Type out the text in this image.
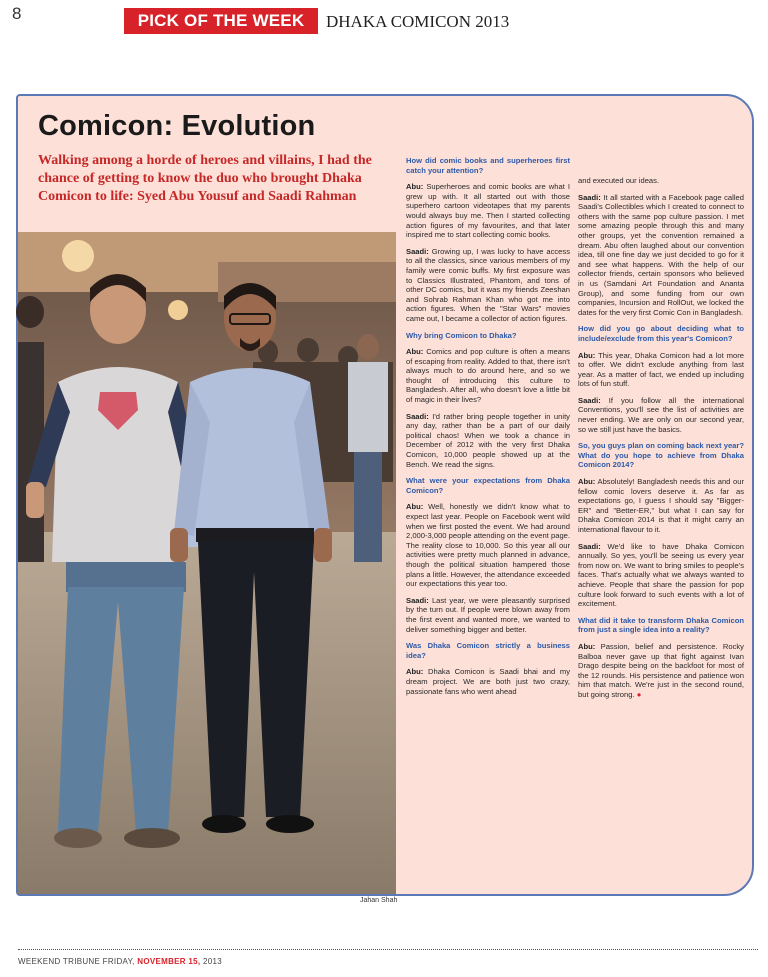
8	PICK OF THE WEEK	DHAKA COMICON 2013
Comicon: Evolution
Walking among a horde of heroes and villains, I had the chance of getting to know the duo who brought Dhaka Comicon to life: Syed Abu Yousuf and Saadi Rahman
Jahan Shah

How did comic books and superheroes first catch your attention?

Abu: Superheroes and comic books are what I grew up with. It all started out with those superhero cartoon videotapes that my parents would always buy me. Then I started collecting action figures of my favourites, and that later inspired me to start collecting comic books.

Saadi: Growing up, I was lucky to have access to all the classics, since various members of my family were comic buffs. My first exposure was to Classics Illustrated, Phantom, and tons of other DC comics, but it was my friends Zeeshan and Sohrab Rahman Khan who got me into action figures. When the "Star Wars" movies came out, I became a collector of action figures.

Why bring Comicon to Dhaka?

Abu: Comics and pop culture is often a means of escaping from reality. Added to that, there isn't always much to do around here, and so we thought of introducing this culture to Bangladesh. After all, who doesn't love a little bit of magic in their lives?

Saadi: I'd rather bring people together in unity any day, rather than be a part of our daily political chaos! When we took a chance in December of 2012 with the very first Dhaka Comicon, 10,000 people showed up at the Bench. We read the signs.

What were your expectations from Dhaka Comicon?

Abu: Well, honestly we didn't know what to expect last year. People on Facebook went wild when we first posted the event. We had around 2,000-3,000 people attending on the event page. The reality close to 10,000. So this year all our activities were pretty much planned in advance, though the political situation hampered those plans a little. However, the attendance exceeded our expectations this year too.

Saadi: Last year, we were pleasantly surprised by the turn out. If people were blown away from the first event and wanted more, we wanted to deliver something bigger and better.

Was Dhaka Comicon strictly a business idea?

Abu: Dhaka Comicon is Saadi bhai and my dream project. We are both just two crazy, passionate fans who went ahead

and executed our ideas.

Saadi: It all started with a Facebook page called Saadi's Collectibles which I created to connect to others with the same pop culture passion. I met some amazing people through this and many other groups, yet the convention remained a dream. Abu often laughed about our convention idea, till one fine day we just decided to go for it and see what happens. With the help of our collector friends, certain sponsors who believed in us (Samdani Art Foundation and Ananta Group), and some funding from our own companies, Incursion and RollOut, we locked the dates for the very first Comic Con in Bangladesh.

How did you go about deciding what to include/exclude from this year's Comicon?

Abu: This year, Dhaka Comicon had a lot more to offer. We didn't exclude anything from last year. As a matter of fact, we ended up including lots of fun stuff.

Saadi: If you follow all the international Conventions, you'll see the list of activities are never ending. We are only on our second year, so we still just have the basics.

So, you guys plan on coming back next year? What do you hope to achieve from Dhaka Comicon 2014?

Abu: Absolutely! Bangladesh needs this and our fellow comic lovers deserve it. As far as expectations go, I guess I should say "Bigger-ER" and "Better-ER," but what I can say for Dhaka Comicon 2014 is that it might carry an international flavour to it.

Saadi: We'd like to have Dhaka Comicon annually. So yes, you'll be seeing us every year from now on. We want to bring smiles to people's faces. That's actually what we always wanted to achieve. People that share the passion for pop culture look forward to such events with a lot of excitement.

What did it take to transform Dhaka Comicon from just a single idea into a reality?

Abu: Passion, belief and persistence. Rocky Balboa never gave up that fight against Ivan Drago despite being on the backfoot for most of the 12 rounds. His persistence and patience won him that match. We're just in the second round, but going strong. ●

WEEKEND TRIBUNE FRIDAY, NOVEMBER 15, 2013
